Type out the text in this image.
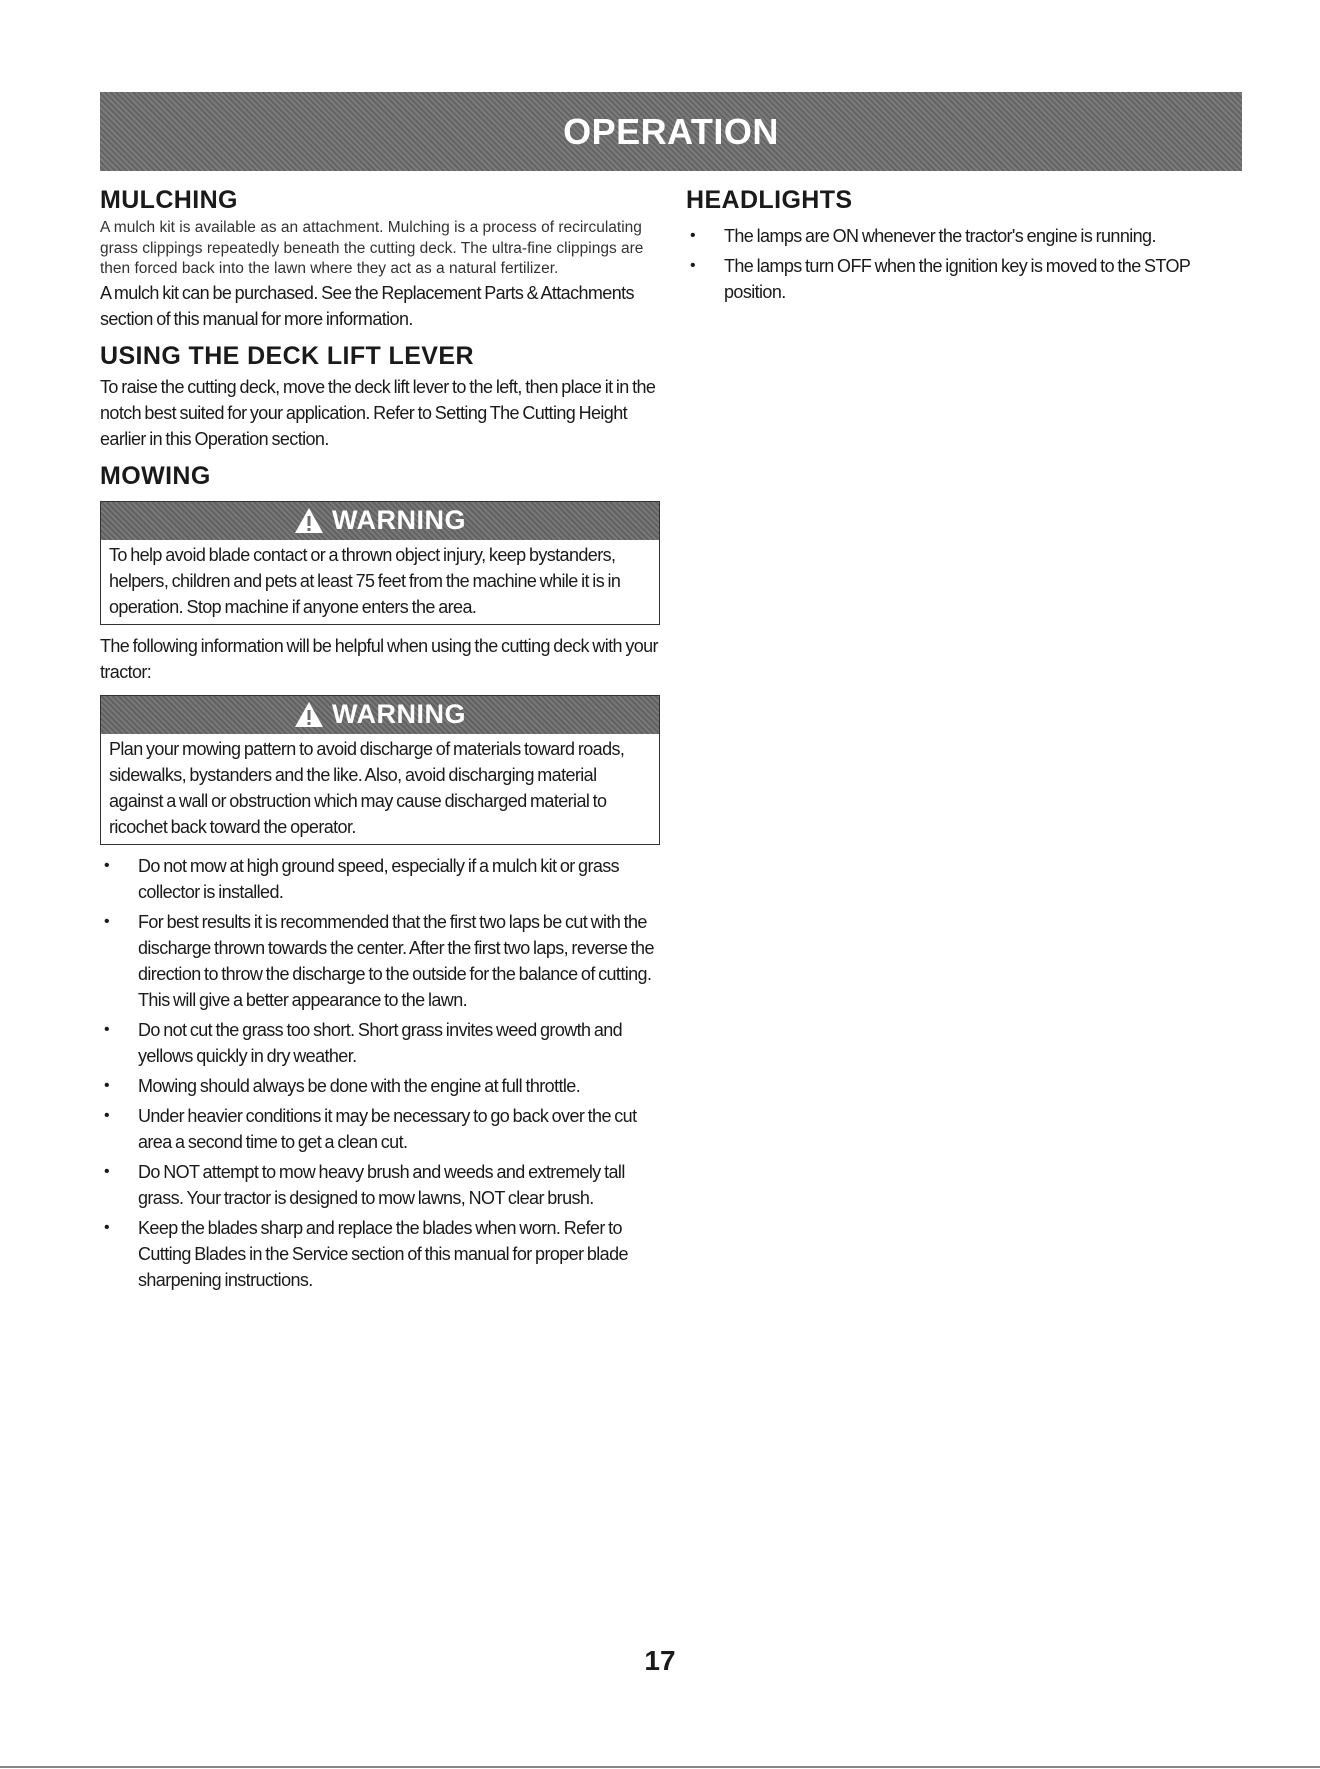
OPERATION
MULCHING

A mulch kit is available as an attachment. Mulching is a process of recirculating grass clippings repeatedly beneath the cutting deck. The ultra-fine clippings are then forced back into the lawn where they act as a natural fertilizer.

A mulch kit can be purchased. See the Replacement Parts & Attachments section of this manual for more information.

USING THE DECK LIFT LEVER

To raise the cutting deck, move the deck lift lever to the left, then place it in the notch best suited for your application. Refer to Setting The Cutting Height earlier in this Operation section.

MOWING
WARNING

To help avoid blade contact or a thrown object injury, keep bystanders, helpers, children and pets at least 75 feet from the machine while it is in operation. Stop machine if anyone enters the area.

The following information will be helpful when using the cutting deck with your tractor:

WARNING

Plan your mowing pattern to avoid discharge of materials toward roads, sidewalks, bystanders and the like. Also, avoid discharging material against a wall or obstruction which may cause discharged material to ricochet back toward the operator.

• Do not mow at high ground speed, especially if a mulch kit or grass collector is installed.
• For best results it is recommended that the first two laps be cut with the discharge thrown towards the center. After the first two laps, reverse the direction to throw the discharge to the outside for the balance of cutting. This will give a better appearance to the lawn.
• Do not cut the grass too short. Short grass invites weed growth and yellows quickly in dry weather.
• Mowing should always be done with the engine at full throttle.
• Under heavier conditions it may be necessary to go back over the cut area a second time to get a clean cut.
• Do NOT attempt to mow heavy brush and weeds and extremely tall grass. Your tractor is designed to mow lawns, NOT clear brush.
• Keep the blades sharp and replace the blades when worn. Refer to Cutting Blades in the Service section of this manual for proper blade sharpening instructions.
HEADLIGHTS
• The lamps are ON whenever the tractor's engine is running.
• The lamps turn OFF when the ignition key is moved to the STOP position.
17
